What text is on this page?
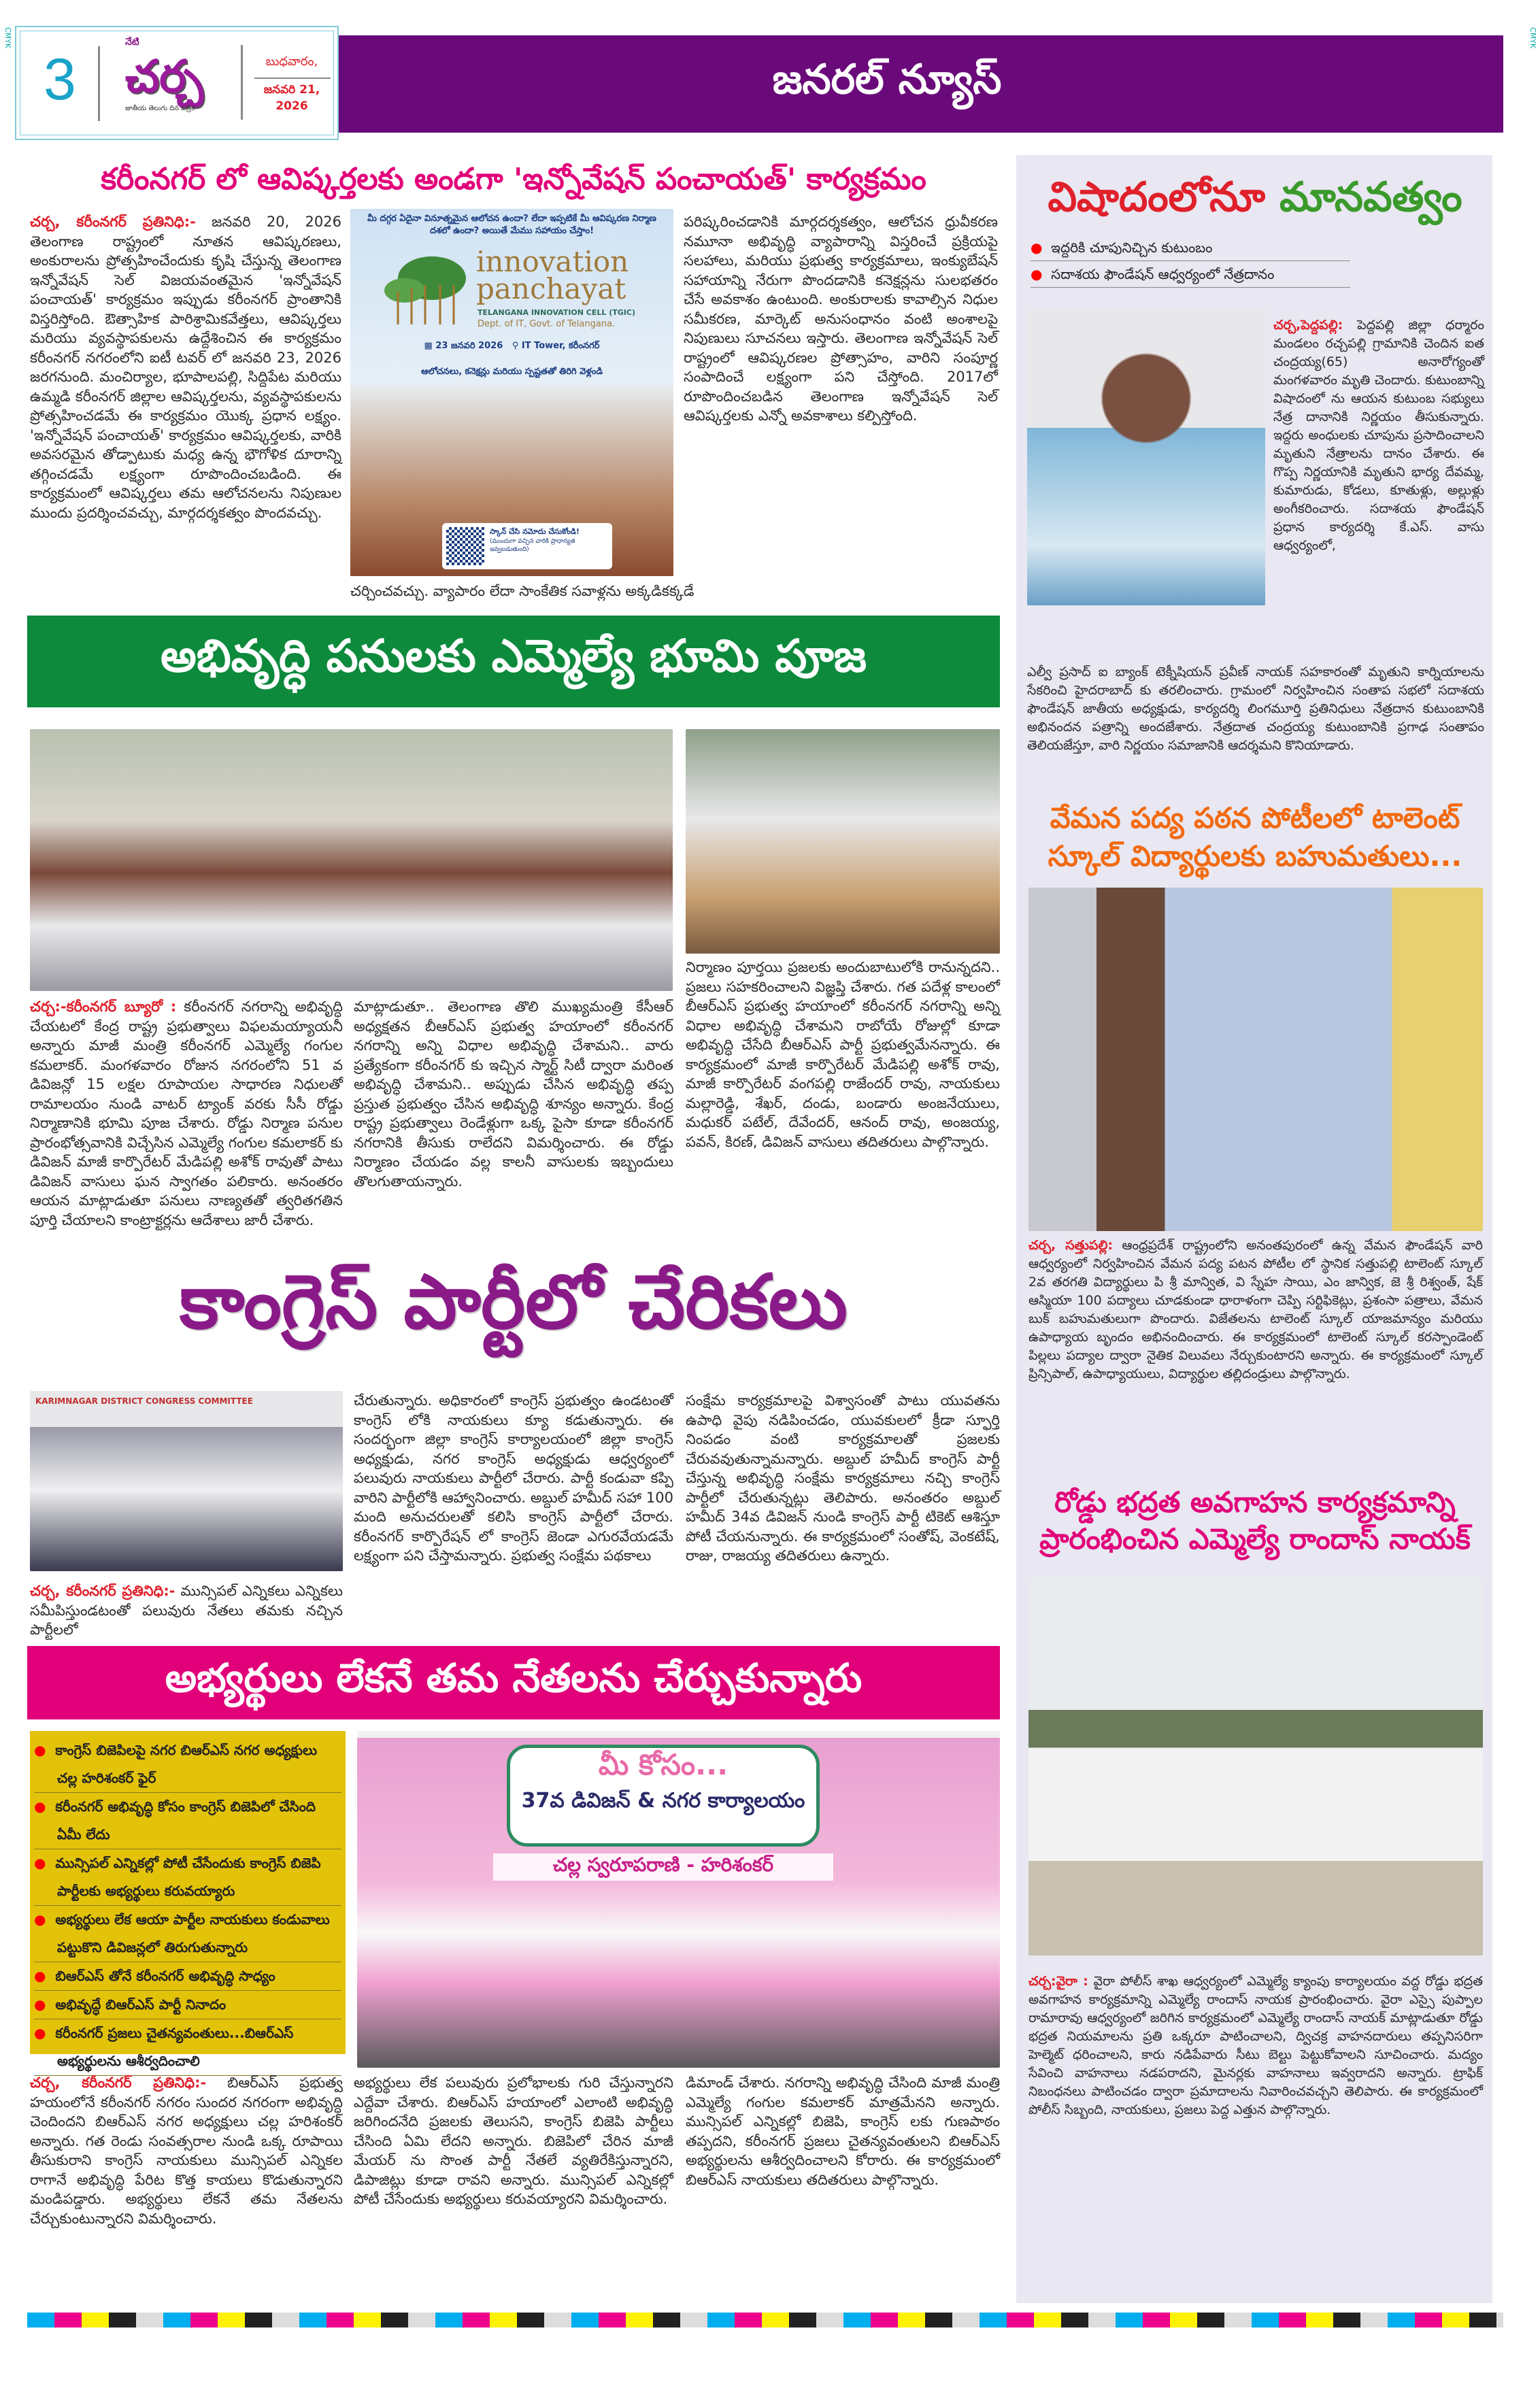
CMYK	CMYK
3
నేటి
చర్చ
జాతీయ తెలుగు దిన పత్రిక
బుధవారం,
జనవరి 21, 2026
జనరల్ న్యూస్
కరీంనగర్ లో ఆవిష్కర్తలకు అండగా 'ఇన్నోవేషన్ పంచాయత్' కార్యక్రమం
చర్చ, కరీంనగర్ ప్రతినిధి:- జనవరి 20, 2026 తెలంగాణ రాష్ట్రంలో నూతన ఆవిష్కరణలు, అంకురాలను ప్రోత్సహించేందుకు కృషి చేస్తున్న తెలంగాణ ఇన్నోవేషన్ సెల్ విజయవంతమైన 'ఇన్నోవేషన్ పంచాయత్' కార్యక్రమం ఇప్పుడు కరీంనగర్ ప్రాంతానికి విస్తరిస్తోంది. ఔత్సాహిక పారిశ్రామికవేత్తలు, ఆవిష్కర్తలు మరియు వ్యవస్థాపకులను ఉద్దేశించిన ఈ కార్యక్రమం కరీంనగర్ నగరంలోని ఐటీ టవర్ లో జనవరి 23, 2026 జరగనుంది. మంచిర్యాల, భూపాలపల్లి, సిద్దిపేట మరియు ఉమ్మడి కరీంనగర్ జిల్లాల ఆవిష్కర్తలను, వ్యవస్థాపకులను ప్రోత్సహించడమే ఈ కార్యక్రమం యొక్క ప్రధాన లక్ష్యం. 'ఇన్నోవేషన్ పంచాయత్' కార్యక్రమం ఆవిష్కర్తలకు, వారికి అవసరమైన తోడ్పాటుకు మధ్య ఉన్న భౌగోళిక దూరాన్ని తగ్గించడమే లక్ష్యంగా రూపొందించబడింది. ఈ కార్యక్రమంలో ఆవిష్కర్తలు తమ ఆలోచనలను నిపుణుల ముందు ప్రదర్శించవచ్చు, మార్గదర్శకత్వం పొందవచ్చు.
మీ దగ్గర ఏదైనా వినూత్నమైన ఆలోచన ఉందా? లేదా ఇప్పటికే మీ ఆవిష్కరణ నిర్మాణ దశలో ఉందా? అయితే మేము సహాయం చేస్తాం!
innovation
panchayat
TELANGANA INNOVATION CELL (TGIC)
Dept. of IT, Govt. of Telangana.
▦ 23 జనవరి 2026 ⚲ IT Tower, కరీంనగర్
ఆలోచనలు, కనెక్షన్లు మరియు స్పష్టతతో తిరిగి వెళ్లండి
స్కాన్ చేసి నమోదు చేసుకోండి!
(ముందుగా వచ్చిన వారికి ప్రాధాన్యత ఇవ్వబడుతుంది)
చర్చించవచ్చు. వ్యాపారం లేదా సాంకేతిక సవాళ్లను అక్కడికక్కడే
పరిష్కరించడానికి మార్గదర్శకత్వం, ఆలోచన ధ్రువీకరణ నమూనా అభివృద్ధి వ్యాపారాన్ని విస్తరించే ప్రక్రియపై సలహాలు, మరియు ప్రభుత్వ కార్యక్రమాలు, ఇంక్యుబేషన్ సహాయాన్ని నేరుగా పొందడానికి కనెక్షన్లను సులభతరం చేసే అవకాశం ఉంటుంది. అంకురాలకు కావాల్సిన నిధుల సమీకరణ, మార్కెట్ అనుసంధానం వంటి అంశాలపై నిపుణులు సూచనలు ఇస్తారు. తెలంగాణ ఇన్నోవేషన్ సెల్ రాష్ట్రంలో ఆవిష్కరణల ప్రోత్సాహం, వారిని సంపూర్ణ సంపాదించే లక్ష్యంగా పని చేస్తోంది. 2017లో రూపొందించబడిన తెలంగాణ ఇన్నోవేషన్ సెల్ ఆవిష్కర్తలకు ఎన్నో అవకాశాలు కల్పిస్తోంది.
అభివృద్ధి పనులకు ఎమ్మెల్యే భూమి పూజ
చర్చ:-కరీంనగర్ బ్యూరో : కరీంనగర్ నగరాన్ని అభివృద్ధి చేయటలో కేంద్ర రాష్ట్ర ప్రభుత్వాలు విఫలమయ్యాయనీ అన్నారు మాజీ మంత్రి కరీంనగర్ ఎమ్మెల్యే గంగుల కమలాకర్. మంగళవారం రోజున నగరంలోని 51 వ డివిజన్లో 15 లక్షల రూపాయల సాధారణ నిధులతో రామాలయం నుండి వాటర్ ట్యాంక్ వరకు సీసీ రోడ్డు నిర్మాణానికి భూమి పూజ చేశారు. రోడ్డు నిర్మాణ పనుల ప్రారంభోత్సవానికి విచ్చేసిన ఎమ్మెల్యే గంగుల కమలాకర్ కు డివిజన్ మాజీ కార్పొరేటర్ మేడిపల్లి అశోక్ రావుతో పాటు డివిజన్ వాసులు ఘన స్వాగతం పలికారు. అనంతరం ఆయన మాట్లాడుతూ పనులు నాణ్యతతో త్వరితగతిన పూర్తి చేయాలని కాంట్రాక్టర్లను ఆదేశాలు జారీ చేశారు.
మాట్లాడుతూ.. తెలంగాణ తొలి ముఖ్యమంత్రి కేసీఆర్ అధ్యక్షతన బీఆర్ఎస్ ప్రభుత్వ హయాంలో కరీంనగర్ నగరాన్ని అన్ని విధాల అభివృద్ధి చేశామని.. వారు ప్రత్యేకంగా కరీంనగర్ కు ఇచ్చిన స్మార్ట్ సిటీ ద్వారా మరింత అభివృద్ధి చేశామని.. అప్పుడు చేసిన అభివృద్ధి తప్ప ప్రస్తుత ప్రభుత్వం చేసిన అభివృద్ధి శూన్యం అన్నారు. కేంద్ర రాష్ట్ర ప్రభుత్వాలు రెండేళ్లుగా ఒక్క పైసా కూడా కరీంనగర్ నగరానికి తీసుకు రాలేదని విమర్శించారు. ఈ రోడ్డు నిర్మాణం చేయడం వల్ల కాలనీ వాసులకు ఇబ్బందులు తొలగుతాయన్నారు.
నిర్మాణం పూర్తయి ప్రజలకు అందుబాటులోకి రానున్నదని.. ప్రజలు సహకరించాలని విజ్ఞప్తి చేశారు. గత పదేళ్ల కాలంలో బీఆర్ఎస్ ప్రభుత్వ హయాంలో కరీంనగర్ నగరాన్ని అన్ని విధాల అభివృద్ధి చేశామని రాబోయే రోజుల్లో కూడా అభివృద్ధి చేసేది బీఆర్ఎస్ పార్టీ ప్రభుత్వమేనన్నారు. ఈ కార్యక్రమంలో మాజీ కార్పొరేటర్ మేడిపల్లి అశోక్ రావు, మాజీ కార్పొరేటర్ వంగపల్లి రాజేందర్ రావు, నాయకులు మల్లారెడ్డి, శేఖర్, దండు, బండారు అంజనేయులు, మధుకర్ పటేల్, దేవేందర్, ఆనంద్ రావు, అంజయ్య, పవన్, కిరణ్, డివిజన్ వాసులు తదితరులు పాల్గొన్నారు.
కాంగ్రెస్ పార్టీలో చేరికలు
KARIMNAGAR DISTRICT CONGRESS COMMITTEE
చర్చ, కరీంనగర్ ప్రతినిధి:- మున్సిపల్ ఎన్నికలు ఎన్నికలు సమీపిస్తుండటంతో పలువురు నేతలు తమకు నచ్చిన పార్టీలలో
చేరుతున్నారు. అధికారంలో కాంగ్రెస్ ప్రభుత్వం ఉండటంతో కాంగ్రెస్ లోకి నాయకులు క్యూ కడుతున్నారు. ఈ సందర్భంగా జిల్లా కాంగ్రెస్ కార్యాలయంలో జిల్లా కాంగ్రెస్ అధ్యక్షుడు, నగర కాంగ్రెస్ అధ్యక్షుడు ఆధ్వర్యంలో పలువురు నాయకులు పార్టీలో చేరారు. పార్టీ కండువా కప్పి వారిని పార్టీలోకి ఆహ్వానించారు. అబ్దుల్ హమీద్ సహా 100 మంది అనుచరులతో కలిసి కాంగ్రెస్ పార్టీలో చేరారు. కరీంనగర్ కార్పొరేషన్ లో కాంగ్రెస్ జెండా ఎగురవేయడమే లక్ష్యంగా పని చేస్తామన్నారు. ప్రభుత్వ సంక్షేమ పథకాలు
సంక్షేమ కార్యక్రమాలపై విశ్వాసంతో పాటు యువతను ఉపాధి వైపు నడిపించడం, యువకులలో క్రీడా స్ఫూర్తి నింపడం వంటి కార్యక్రమాలతో ప్రజలకు చేరువవుతున్నామన్నారు. అబ్దుల్ హమీద్ కాంగ్రెస్ పార్టీ చేస్తున్న అభివృద్ధి సంక్షేమ కార్యక్రమాలు నచ్చి కాంగ్రెస్ పార్టీలో చేరుతున్నట్లు తెలిపారు. అనంతరం అబ్దుల్ హమీద్ 34వ డివిజన్ నుండి కాంగ్రెస్ పార్టీ టికెట్ ఆశిస్తూ పోటీ చేయనున్నారు. ఈ కార్యక్రమంలో సంతోష్, వెంకటేష్, రాజు, రాజయ్య తదితరులు ఉన్నారు.
అభ్యర్థులు లేకనే తమ నేతలను చేర్చుకున్నారు
●  కాంగ్రెస్ బిజెపిలపై నగర బిఆర్ఎస్ నగర అధ్యక్షులు చల్ల హరిశంకర్ ఫైర్
●  కరీంనగర్ అభివృద్ధి కోసం కాంగ్రెస్ బిజెపిలో చేసింది ఏమీ లేదు
●  మున్సిపల్ ఎన్నికల్లో పోటీ చేసేందుకు కాంగ్రెస్ బిజెపి పార్టీలకు అభ్యర్థులు కరువయ్యారు
●  అభ్యర్థులు లేక ఆయా పార్టీల నాయకులు కండువాలు పట్టుకొని డివిజన్లలో తిరుగుతున్నారు
●  బిఆర్ఎస్ తోనే కరీంనగర్ అభివృద్ధి సాధ్యం
●  అభివృద్ధే బిఆర్ఎస్ పార్టీ నినాదం
●  కరీంనగర్ ప్రజలు చైతన్యవంతులు...బిఆర్ఎస్ అభ్యర్థులను ఆశీర్వదించాలి
మీ కోసం...
37వ డివిజన్ & నగర కార్యాలయం
చల్ల స్వరూపరాణి - హరిశంకర్
చర్చ, కరీంనగర్ ప్రతినిధి:- బిఆర్ఎస్ ప్రభుత్వ హయంలోనే కరీంనగర్ నగరం సుందర నగరంగా అభివృద్ధి చెందిందని బిఆర్ఎస్ నగర అధ్యక్షులు చల్ల హరిశంకర్ అన్నారు. గత రెండు సంవత్సరాల నుండి ఒక్క రూపాయి తీసుకురాని కాంగ్రెస్ నాయకులు మున్సిపల్ ఎన్నికల రాగానే అభివృద్ధి పేరిట కొత్త కాయలు కొడుతున్నారని మండిపడ్డారు. అభ్యర్థులు లేకనే తమ నేతలను చేర్చుకుంటున్నారని విమర్శించారు.
అభ్యర్థులు లేక పలువురు ప్రలోభాలకు గురి చేస్తున్నారని ఎద్దేవా చేశారు. బిఆర్ఎస్ హయాంలో ఎలాంటి అభివృద్ధి జరిగిందనేది ప్రజలకు తెలుసని, కాంగ్రెస్ బిజెపి పార్టీలు చేసింది ఏమి లేదని అన్నారు. బిజెపిలో చేరిన మాజీ మేయర్ ను సొంత పార్టీ నేతలే వ్యతిరేకిస్తున్నారని, డిపాజిట్లు కూడా రావని అన్నారు. మున్సిపల్ ఎన్నికల్లో పోటీ చేసేందుకు అభ్యర్థులు కరువయ్యారని విమర్శించారు.
డిమాండ్ చేశారు. నగరాన్ని అభివృద్ధి చేసింది మాజీ మంత్రి ఎమ్మెల్యే గంగుల కమలాకర్ మాత్రమేనని అన్నారు. మున్సిపల్ ఎన్నికల్లో బిజెపి, కాంగ్రెస్ లకు గుణపాఠం తప్పదని, కరీంనగర్ ప్రజలు చైతన్యవంతులని బిఆర్ఎస్ అభ్యర్థులను ఆశీర్వదించాలని కోరారు. ఈ కార్యక్రమంలో బిఆర్ఎస్ నాయకులు తదితరులు పాల్గొన్నారు.
విషాదంలోనూ మానవత్వం
●  ఇద్దరికి చూపునిచ్చిన కుటుంబం
●  సదాశయ ఫౌండేషన్ ఆధ్వర్యంలో నేత్రదానం
చర్చ,పెద్దపల్లి: పెద్దపల్లి జిల్లా ధర్మారం మండలం రచ్చపల్లి గ్రామానికి చెందిన ఐత చంద్రయ్య(65) అనారోగ్యంతో మంగళవారం మృతి చెందారు. కుటుంబాన్ని విషాదంలో ను ఆయన కుటుంబ సభ్యులు నేత్ర దానానికి నిర్ణయం తీసుకున్నారు. ఇద్దరు అంధులకు చూపును ప్రసాదించాలని మృతుని నేత్రాలను దానం చేశారు. ఈ గొప్ప నిర్ణయానికి మృతుని భార్య దేవమ్మ, కుమారుడు, కోడలు, కూతుళ్లు, అల్లుళ్లు అంగీకరించారు. సదాశయ ఫౌండేషన్ ప్రధాన కార్యదర్శి కే.ఎస్. వాసు ఆధ్వర్యంలో,
ఎల్వీ ప్రసాద్ ఐ బ్యాంక్ టెక్నీషియన్ ప్రవీణ్ నాయక్ సహకారంతో మృతుని కార్నియాలను సేకరించి హైదరాబాద్ కు తరలించారు. గ్రామంలో నిర్వహించిన సంతాప సభలో సదాశయ ఫౌండేషన్ జాతీయ అధ్యక్షుడు, కార్యదర్శి లింగమూర్తి ప్రతినిధులు నేత్రదాన కుటుంబానికి అభినందన పత్రాన్ని అందజేశారు. నేత్రదాత చంద్రయ్య కుటుంబానికి ప్రగాఢ సంతాపం తెలియజేస్తూ, వారి నిర్ణయం సమాజానికి ఆదర్శమని కొనియాడారు.
వేమన పద్య పఠన పోటీలలో టాలెంట్
స్కూల్ విద్యార్థులకు బహుమతులు...
చర్చ, సత్తుపల్లి: ఆంధ్రప్రదేశ్ రాష్ట్రంలోని అనంతపురంలో ఉన్న వేమన ఫౌండేషన్ వారి ఆధ్వర్యంలో నిర్వహించిన వేమన పద్య పటన పోటీల లో స్థానిక సత్తుపల్లి టాలెంట్ స్కూల్ 2వ తరగతి విద్యార్థులు పి శ్రీ మాన్విత, వి స్నేహ సాయి, ఎం జాన్విక, జె శ్రీ రిశ్వంత్, షేక్ ఆస్మియా 100 పద్యాలు చూడకుండా ధారాళంగా చెప్పి సర్టిఫికెట్లు, ప్రశంసా పత్రాలు, వేమన బుక్ బహుమతులుగా పొందారు. విజేతలను టాలెంట్ స్కూల్ యాజమాన్యం మరియు ఉపాధ్యాయ బృందం అభినందించారు. ఈ కార్యక్రమంలో టాలెంట్ స్కూల్ కరస్పాండెంట్ పిల్లలు పద్యాల ద్వారా నైతిక విలువలు నేర్చుకుంటారని అన్నారు. ఈ కార్యక్రమంలో స్కూల్ ప్రిన్సిపాల్, ఉపాధ్యాయులు, విద్యార్థుల తల్లిదండ్రులు పాల్గొన్నారు.
రోడ్డు భద్రత అవగాహన కార్యక్రమాన్ని
ప్రారంభించిన ఎమ్మెల్యే రాందాస్ నాయక్
చర్చ:వైరా : వైరా పోలీస్ శాఖ ఆధ్వర్యంలో ఎమ్మెల్యే క్యాంపు కార్యాలయం వద్ద రోడ్డు భద్రత అవగాహన కార్యక్రమాన్ని ఎమ్మెల్యే రాందాస్ నాయక ప్రారంభించారు. వైరా ఎస్సై పుప్పాల రామారావు ఆధ్వర్యంలో జరిగిన కార్యక్రమంలో ఎమ్మెల్యే రాందాస్ నాయక్ మాట్లాడుతూ రోడ్డు భద్రత నియమాలను ప్రతి ఒక్కరూ పాటించాలని, ద్విచక్ర వాహనదారులు తప్పనిసరిగా హెల్మెట్ ధరించాలని, కారు నడిపేవారు సీటు బెల్టు పెట్టుకోవాలని సూచించారు. మద్యం సేవించి వాహనాలు నడపరాదని, మైనర్లకు వాహనాలు ఇవ్వరాదని అన్నారు. ట్రాఫిక్ నిబంధనలు పాటించడం ద్వారా ప్రమాదాలను నివారించవచ్చని తెలిపారు. ఈ కార్యక్రమంలో పోలీస్ సిబ్బంది, నాయకులు, ప్రజలు పెద్ద ఎత్తున పాల్గొన్నారు.
